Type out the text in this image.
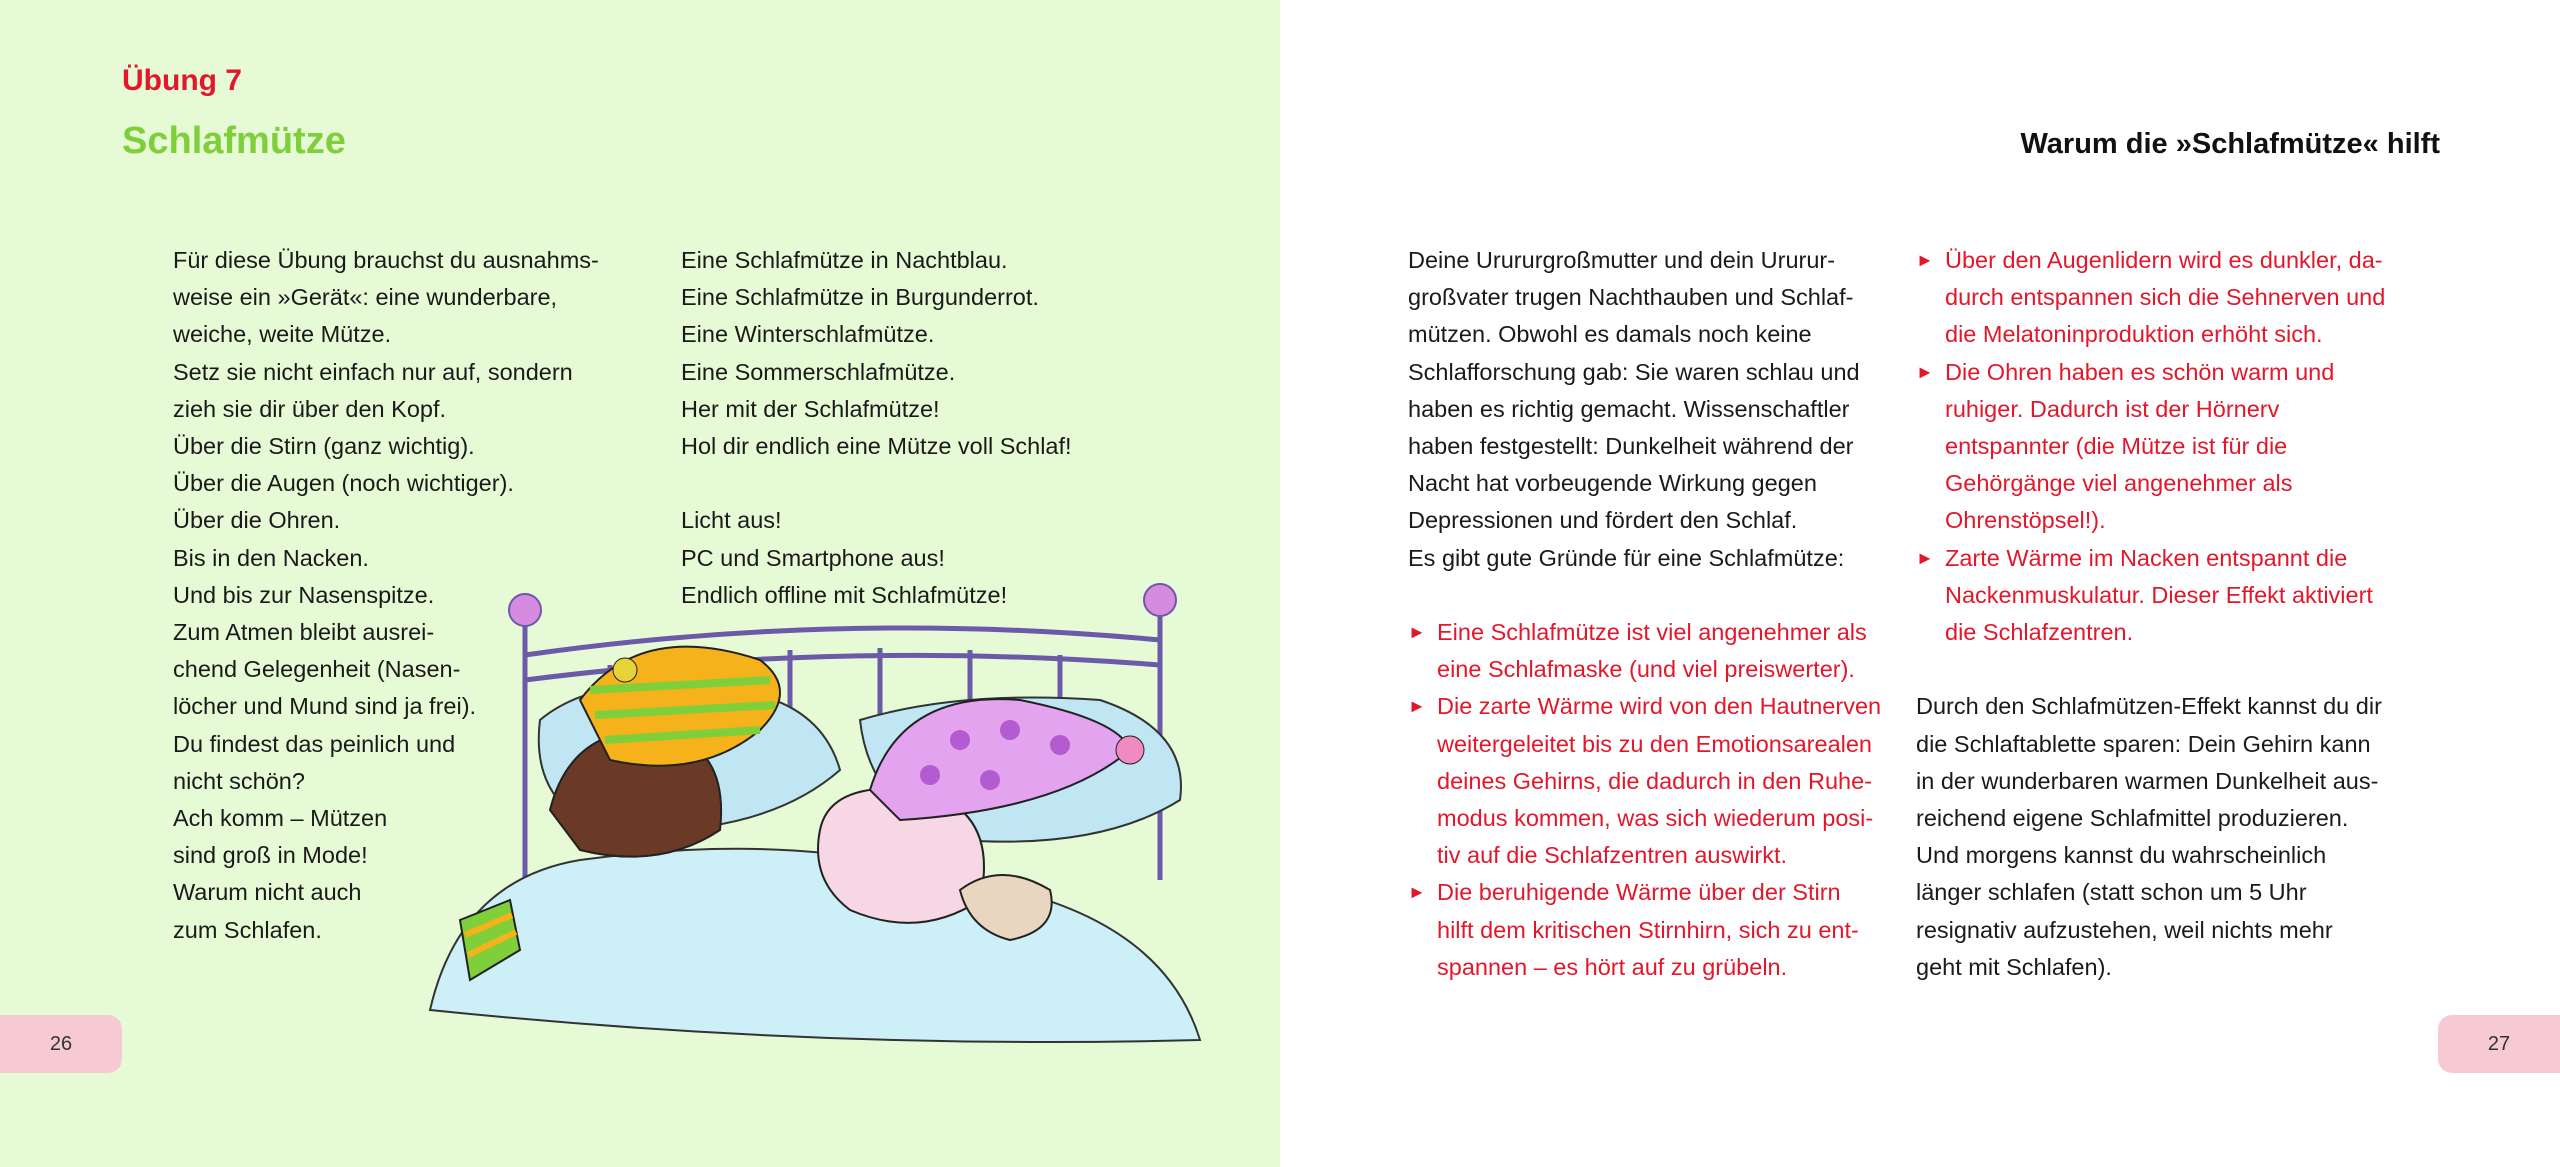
Übung 7
Schlafmütze
Für diese Übung brauchst du ausnahms-
weise ein »Gerät«: eine wunderbare,
weiche, weite Mütze.
Setz sie nicht einfach nur auf, sondern
zieh sie dir über den Kopf.
Über die Stirn (ganz wichtig).
Über die Augen (noch wichtiger).
Über die Ohren.
Bis in den Nacken.
Und bis zur Nasenspitze.
Zum Atmen bleibt ausrei-
chend Gelegenheit (Nasen-
löcher und Mund sind ja frei).
Du findest das peinlich und
nicht schön?
Ach komm – Mützen
sind groß in Mode!
Warum nicht auch
zum Schlafen.
Eine Schlafmütze in Nachtblau.
Eine Schlafmütze in Burgunderrot.
Eine Winterschlafmütze.
Eine Sommerschlafmütze.
Her mit der Schlafmütze!
Hol dir endlich eine Mütze voll Schlaf!
Licht aus!
PC und Smartphone aus!
Endlich offline mit Schlafmütze!
Warum die »Schlafmütze« hilft
Deine Urururgroßmutter und dein Ururur-
großvater trugen Nachthauben und Schlaf-
mützen. Obwohl es damals noch keine
Schlafforschung gab: Sie waren schlau und
haben es richtig gemacht. Wissenschaftler
haben festgestellt: Dunkelheit während der
Nacht hat vorbeugende Wirkung gegen
Depressionen und fördert den Schlaf.
Es gibt gute Gründe für eine Schlafmütze:
► Eine Schlafmütze ist viel angenehmer als
eine Schlafmaske (und viel preiswerter).
► Die zarte Wärme wird von den Hautnerven
weitergeleitet bis zu den Emotionsarealen
deines Gehirns, die dadurch in den Ruhe-
modus kommen, was sich wiederum posi-
tiv auf die Schlafzentren auswirkt.
► Die beruhigende Wärme über der Stirn
hilft dem kritischen Stirnhirn, sich zu ent-
spannen – es hört auf zu grübeln.
► Über den Augenlidern wird es dunkler, da-
durch entspannen sich die Sehnerven und
die Melatoninproduktion erhöht sich.
► Die Ohren haben es schön warm und
ruhiger. Dadurch ist der Hörnerv
entspannter (die Mütze ist für die
Gehörgänge viel angenehmer als
Ohrenstöpsel!).
► Zarte Wärme im Nacken entspannt die
Nackenmuskulatur. Dieser Effekt aktiviert
die Schlafzentren.
Durch den Schlafmützen-Effekt kannst du dir
die Schlaftablette sparen: Dein Gehirn kann
in der wunderbaren warmen Dunkelheit aus-
reichend eigene Schlafmittel produzieren.
Und morgens kannst du wahrscheinlich
länger schlafen (statt schon um 5 Uhr
resignativ aufzustehen, weil nichts mehr
geht mit Schlafen).
26	27
